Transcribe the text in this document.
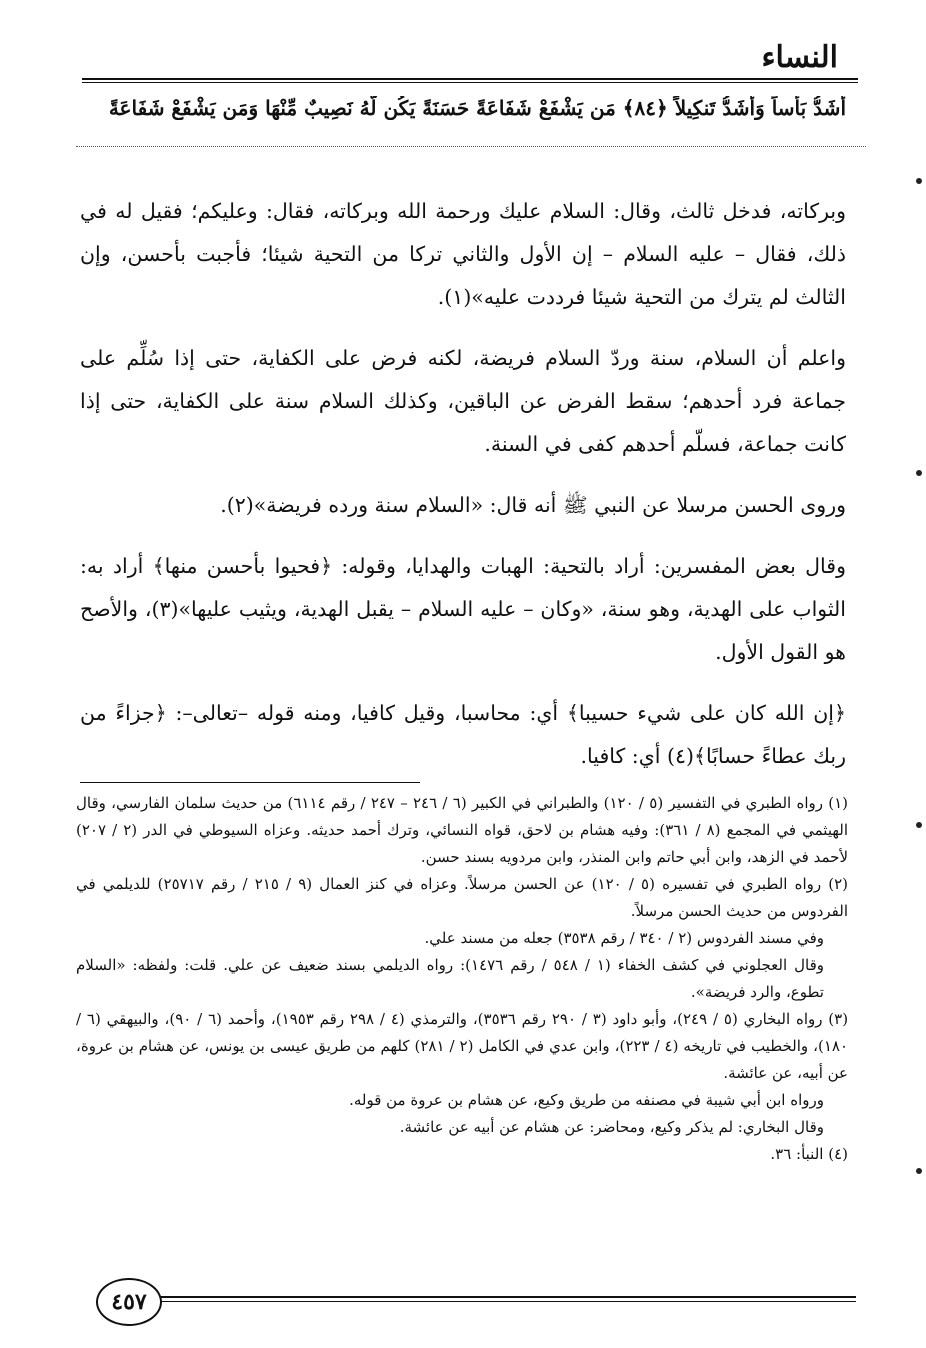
النساء
أَشَدُّ بَأْساً وَأَشَدُّ تَنكِيلاً ﴿٨٤﴾ مَن يَشْفَعْ شَفَاعَةً حَسَنَةً يَكُن لَّهُ نَصِيبٌ مِّنْهَا وَمَن يَشْفَعْ شَفَاعَةً

وبركاته، فدخل ثالث، وقال: السلام عليك ورحمة الله وبركاته، فقال: وعليكم؛ فقيل له في ذلك، فقال – عليه السلام – إن الأول والثاني تركا من التحية شيئا؛ فأجبت بأحسن، وإن الثالث لم يترك من التحية شيئا فرددت عليه»(١).

واعلم أن السلام، سنة وردّ السلام فريضة، لكنه فرض على الكفاية، حتى إذا سُلِّم على جماعة فرد أحدهم؛ سقط الفرض عن الباقين، وكذلك السلام سنة على الكفاية، حتى إذا كانت جماعة، فسلّم أحدهم كفى في السنة.

وروى الحسن مرسلا عن النبي ﷺ أنه قال: «السلام سنة ورده فريضة»(٢).

وقال بعض المفسرين: أراد بالتحية: الهبات والهدايا، وقوله: ﴿فحيوا بأحسن منها﴾ أراد به: الثواب على الهدية، وهو سنة، «وكان – عليه السلام – يقبل الهدية، ويثيب عليها»(٣)، والأصح هو القول الأول.

﴿إن الله كان على شيء حسيبا﴾ أي: محاسبا، وقيل كافيا، ومنه قوله –تعالى–: ﴿جزاءً من ربك عطاءً حسابًا﴾(٤) أي: كافيا.

(١) رواه الطبري في التفسير (٥ / ١٢٠) والطبراني في الكبير (٦ / ٢٤٦ – ٢٤٧ / رقم ٦١١٤) من حديث سلمان الفارسي، وقال الهيثمي في المجمع (٨ / ٣٦١): وفيه هشام بن لاحق، قواه النسائي، وترك أحمد حديثه. وعزاه السيوطي في الدر (٢ / ٢٠٧) لأحمد في الزهد، وابن أبي حاتم وابن المنذر، وابن مردويه بسند حسن.

(٢) رواه الطبري في تفسيره (٥ / ١٢٠) عن الحسن مرسلاً. وعزاه في كنز العمال (٩ / ٢١٥ / رقم ٢٥٧١٧) للديلمي في الفردوس من حديث الحسن مرسلاً.

وفي مسند الفردوس (٢ / ٣٤٠ / رقم ٣٥٣٨) جعله من مسند علي.

وقال العجلوني في كشف الخفاء (١ / ٥٤٨ / رقم ١٤٧٦): رواه الديلمي بسند ضعيف عن علي. قلت: ولفظه: «السلام تطوع، والرد فريضة».

(٣) رواه البخاري (٥ / ٢٤٩)، وأبو داود (٣ / ٢٩٠ رقم ٣٥٣٦)، والترمذي (٤ / ٢٩٨ رقم ١٩٥٣)، وأحمد (٦ / ٩٠)، والبيهقي (٦ / ١٨٠)، والخطيب في تاريخه (٤ / ٢٢٣)، وابن عدي في الكامل (٢ / ٢٨١) كلهم من طريق عيسى بن يونس، عن هشام بن عروة، عن أبيه، عن عائشة.

ورواه ابن أبي شيبة في مصنفه من طريق وكيع، عن هشام بن عروة من قوله.

وقال البخاري: لم يذكر وكيع، ومحاضر: عن هشام عن أبيه عن عائشة.

(٤) النبأ: ٣٦.

٤٥٧
